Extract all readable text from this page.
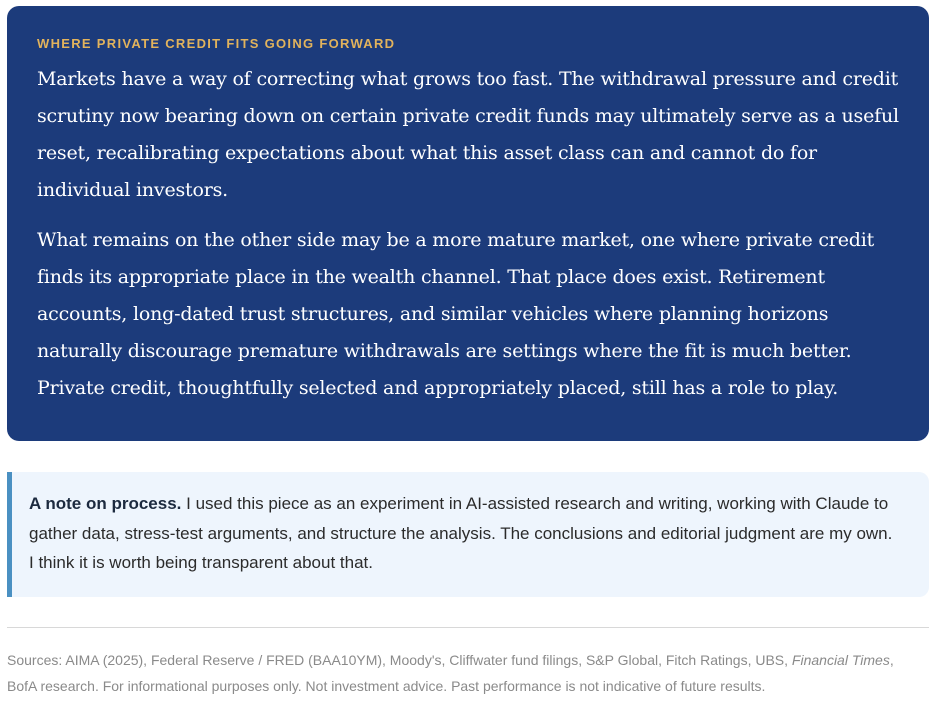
WHERE PRIVATE CREDIT FITS GOING FORWARD

Markets have a way of correcting what grows too fast. The withdrawal pressure and credit scrutiny now bearing down on certain private credit funds may ultimately serve as a useful reset, recalibrating expectations about what this asset class can and cannot do for individual investors.

What remains on the other side may be a more mature market, one where private credit finds its appropriate place in the wealth channel. That place does exist. Retirement accounts, long-dated trust structures, and similar vehicles where planning horizons naturally discourage premature withdrawals are settings where the fit is much better. Private credit, thoughtfully selected and appropriately placed, still has a role to play.

A note on process. I used this piece as an experiment in AI-assisted research and writing, working with Claude to gather data, stress-test arguments, and structure the analysis. The conclusions and editorial judgment are my own. I think it is worth being transparent about that.

Sources: AIMA (2025), Federal Reserve / FRED (BAA10YM), Moody's, Cliffwater fund filings, S&P Global, Fitch Ratings, UBS, Financial Times, BofA research. For informational purposes only. Not investment advice. Past performance is not indicative of future results.
